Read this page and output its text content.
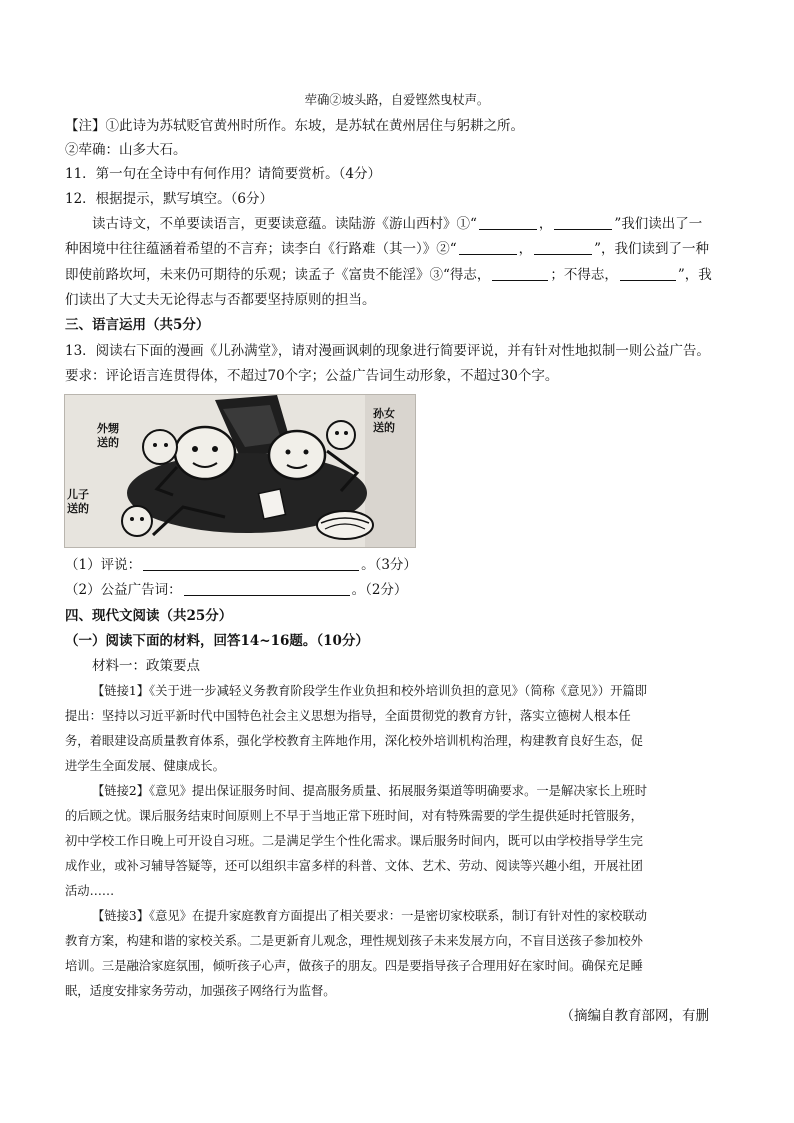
荦确②坡头路，自爱铿然曳杖声。
【注】①此诗为苏轼贬官黄州时所作。东坡，是苏轼在黄州居住与躬耕之所。
②荦确：山多大石。
11．第一句在全诗中有何作用？请简要赏析。（4分）
12．根据提示，默写填空。（6分）
读古诗文，不单要读语言，更要读意蕴。读陆游《游山西村》①“	，	”我们读出了一
种困境中往往蕴涵着希望的不言弃；读李白《行路难（其一）》②“	，	”，我们读到了一种
即使前路坎坷，未来仍可期待的乐观；读孟子《富贵不能淫》③“得志，	；不得志，	”，我
们读出了大丈夫无论得志与否都要坚持原则的担当。
三、语言运用（共5分）
13．阅读右下面的漫画《儿孙满堂》，请对漫画讽刺的现象进行简要评说，并有针对性地拟制一则公益广告。
要求：评论语言连贯得体，不超过70个字；公益广告词生动形象，不超过30个字。
外甥
送的
孙女
送的
儿子
送的
（1）评说：	。（3分）
（2）公益广告词：	。（2分）
四、现代文阅读（共25分）
（一）阅读下面的材料，回答14~16题。（10分）
材料一：政策要点
【链接1】《关于进一步减轻义务教育阶段学生作业负担和校外培训负担的意见》（简称《意见》）开篇即
提出：坚持以习近平新时代中国特色社会主义思想为指导，全面贯彻党的教育方针，落实立德树人根本任
务，着眼建设高质量教育体系，强化学校教育主阵地作用，深化校外培训机构治理，构建教育良好生态，促
进学生全面发展、健康成长。
【链接2】《意见》提出保证服务时间、提高服务质量、拓展服务渠道等明确要求。一是解决家长上班时
的后顾之忧。课后服务结束时间原则上不早于当地正常下班时间，对有特殊需要的学生提供延时托管服务，
初中学校工作日晚上可开设自习班。二是满足学生个性化需求。课后服务时间内，既可以由学校指导学生完
成作业，或补习辅导答疑等，还可以组织丰富多样的科普、文体、艺术、劳动、阅读等兴趣小组，开展社团
活动……
【链接3】《意见》在提升家庭教育方面提出了相关要求：一是密切家校联系，制订有针对性的家校联动
教育方案，构建和谐的家校关系。二是更新育儿观念，理性规划孩子未来发展方向，不盲目送孩子参加校外
培训。三是融洽家庭氛围，倾听孩子心声，做孩子的朋友。四是要指导孩子合理用好在家时间。确保充足睡
眠，适度安排家务劳动，加强孩子网络行为监督。
（摘编自教育部网，有删
